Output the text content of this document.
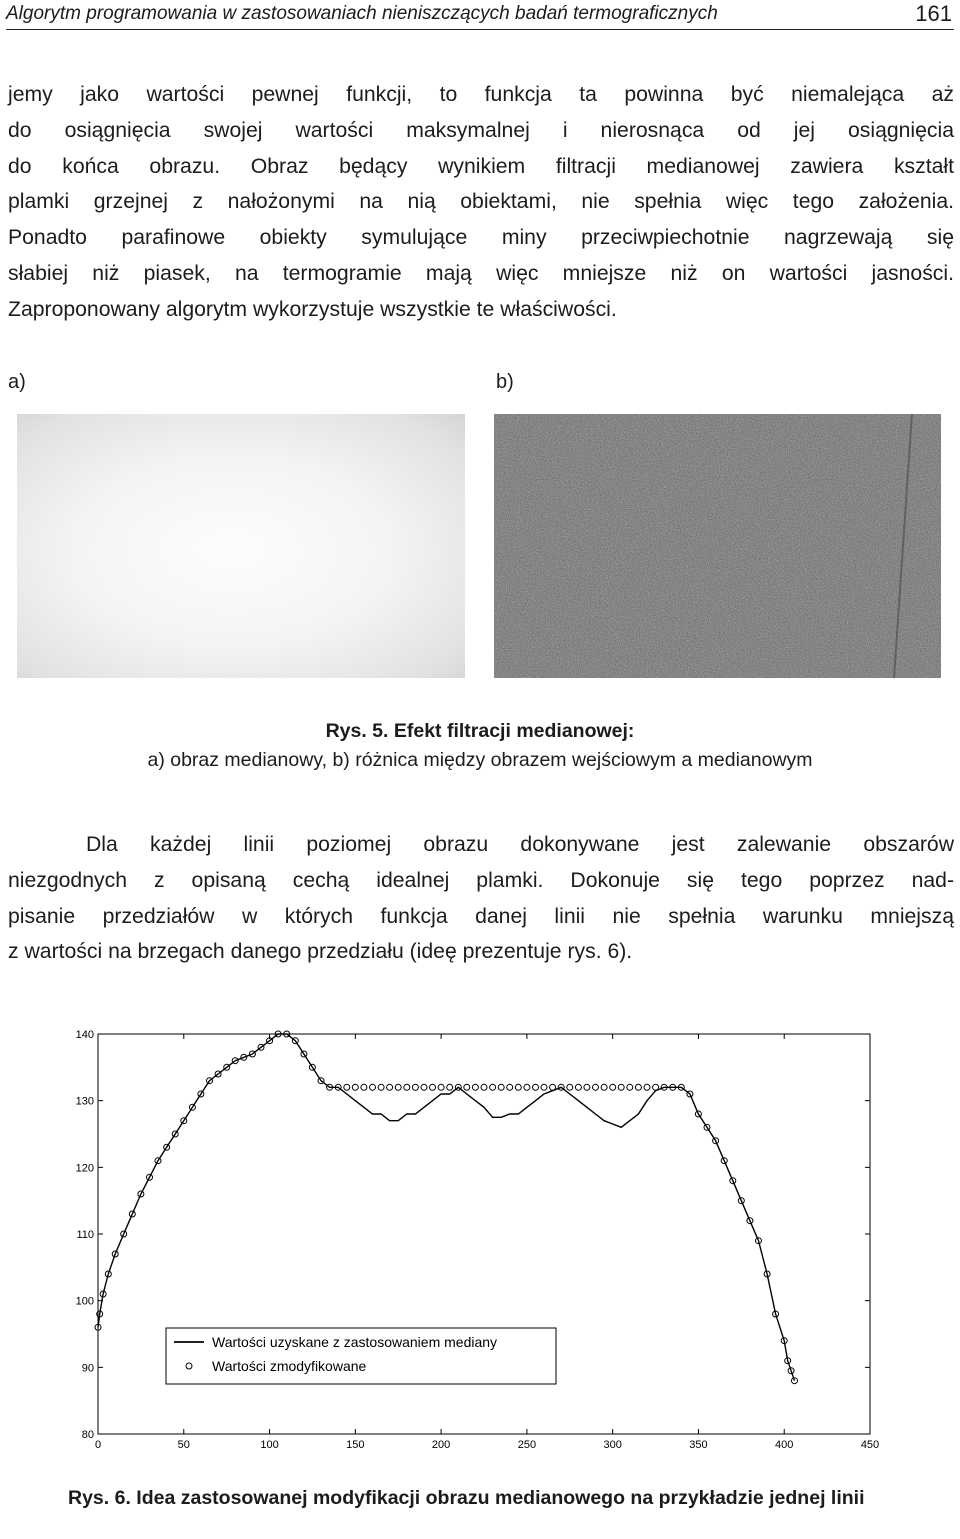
Algorytm programowania w zastosowaniach nieniszczących badań termograficznych	161

jemy jako wartości pewnej funkcji, to funkcja ta powinna być niemalejąca aż
do osiągnięcia swojej wartości maksymalnej i nierosnąca od jej osiągnięcia
do końca obrazu. Obraz będący wynikiem filtracji medianowej zawiera kształt
plamki grzejnej z nałożonymi na nią obiektami, nie spełnia więc tego założenia.
Ponadto parafinowe obiekty symulujące miny przeciwpiechotnie nagrzewają się
słabiej niż piasek, na termogramie mają więc mniejsze niż on wartości jasności.
Zaproponowany algorytm wykorzystuje wszystkie te właściwości.

a)	b)
Rys. 5. Efekt filtracji medianowej:
a) obraz medianowy, b) różnica między obrazem wejściowym a medianowym

Dla każdej linii poziomej obrazu dokonywane jest zalewanie obszarów
niezgodnych z opisaną cechą idealnej plamki. Dokonuje się tego poprzez nad-
pisanie przedziałów w których funkcja danej linii nie spełnia warunku mniejszą
z wartości na brzegach danego przedziału (ideę prezentuje rys. 6).

80
90
100
110
120
130
140
0	50	100	150	200	250	300	350	400	450
Wartości uzyskane z zastosowaniem mediany
Wartości zmodyfikowane
Rys. 6. Idea zastosowanej modyfikacji obrazu medianowego na przykładzie jednej linii
